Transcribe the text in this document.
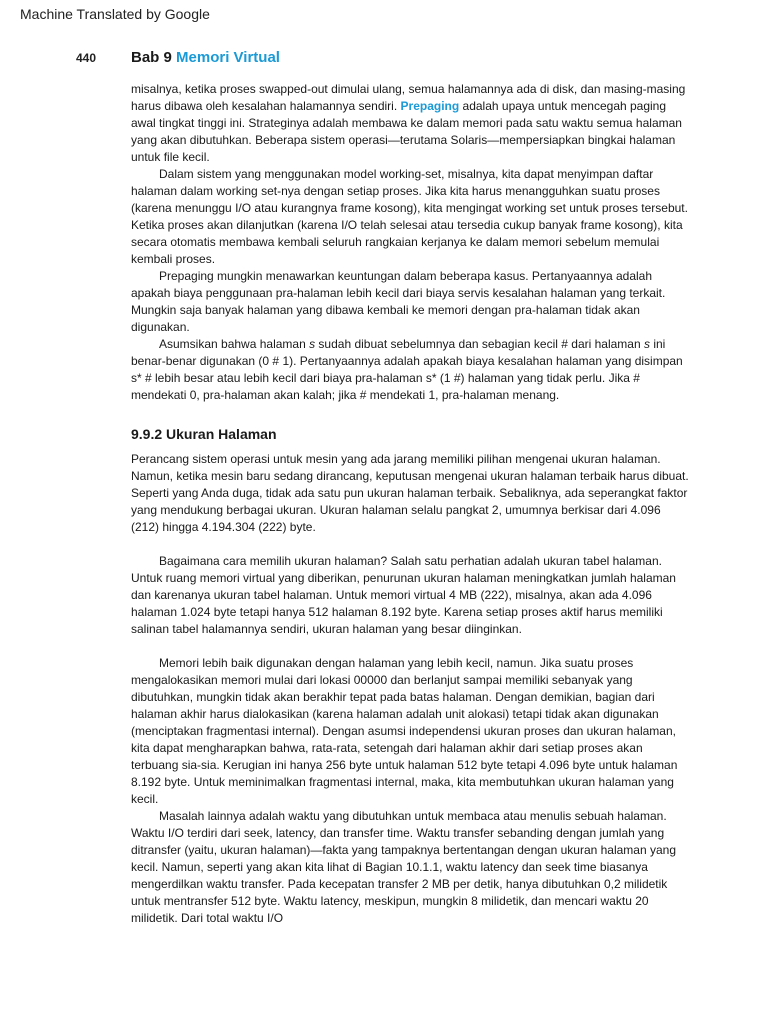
Machine Translated by Google
440 Bab 9 Memori Virtual

misalnya, ketika proses swapped-out dimulai ulang, semua halamannya ada di disk, dan masing-masing harus dibawa oleh kesalahan halamannya sendiri. Prepaging adalah upaya untuk mencegah paging awal tingkat tinggi ini. Strateginya adalah membawa ke dalam memori pada satu waktu semua halaman yang akan dibutuhkan. Beberapa sistem operasi—terutama Solaris—mempersiapkan bingkai halaman untuk file kecil.

Dalam sistem yang menggunakan model working-set, misalnya, kita dapat menyimpan daftar halaman dalam working set-nya dengan setiap proses. Jika kita harus menangguhkan suatu proses (karena menunggu I/O atau kurangnya frame kosong), kita mengingat working set untuk proses tersebut. Ketika proses akan dilanjutkan (karena I/O telah selesai atau tersedia cukup banyak frame kosong), kita secara otomatis membawa kembali seluruh rangkaian kerjanya ke dalam memori sebelum memulai kembali proses.

Prepaging mungkin menawarkan keuntungan dalam beberapa kasus. Pertanyaannya adalah apakah biaya penggunaan pra-halaman lebih kecil dari biaya servis kesalahan halaman yang terkait. Mungkin saja banyak halaman yang dibawa kembali ke memori dengan pra-halaman tidak akan digunakan.

Asumsikan bahwa halaman s sudah dibuat sebelumnya dan sebagian kecil # dari halaman s ini benar-benar digunakan (0 # 1). Pertanyaannya adalah apakah biaya kesalahan halaman yang disimpan s* # lebih besar atau lebih kecil dari biaya pra-halaman s* (1 #) halaman yang tidak perlu. Jika # mendekati 0, pra-halaman akan kalah; jika # mendekati 1, pra-halaman menang.

9.9.2 Ukuran Halaman

Perancang sistem operasi untuk mesin yang ada jarang memiliki pilihan mengenai ukuran halaman. Namun, ketika mesin baru sedang dirancang, keputusan mengenai ukuran halaman terbaik harus dibuat. Seperti yang Anda duga, tidak ada satu pun ukuran halaman terbaik. Sebaliknya, ada seperangkat faktor yang mendukung berbagai ukuran. Ukuran halaman selalu pangkat 2, umumnya berkisar dari 4.096 (212) hingga 4.194.304 (222) byte.

Bagaimana cara memilih ukuran halaman? Salah satu perhatian adalah ukuran tabel halaman. Untuk ruang memori virtual yang diberikan, penurunan ukuran halaman meningkatkan jumlah halaman dan karenanya ukuran tabel halaman. Untuk memori virtual 4 MB (222), misalnya, akan ada 4.096 halaman 1.024 byte tetapi hanya 512 halaman 8.192 byte. Karena setiap proses aktif harus memiliki salinan tabel halamannya sendiri, ukuran halaman yang besar diinginkan.

Memori lebih baik digunakan dengan halaman yang lebih kecil, namun. Jika suatu proses mengalokasikan memori mulai dari lokasi 00000 dan berlanjut sampai memiliki sebanyak yang dibutuhkan, mungkin tidak akan berakhir tepat pada batas halaman. Dengan demikian, bagian dari halaman akhir harus dialokasikan (karena halaman adalah unit alokasi) tetapi tidak akan digunakan (menciptakan fragmentasi internal). Dengan asumsi independensi ukuran proses dan ukuran halaman, kita dapat mengharapkan bahwa, rata-rata, setengah dari halaman akhir dari setiap proses akan terbuang sia-sia. Kerugian ini hanya 256 byte untuk halaman 512 byte tetapi 4.096 byte untuk halaman 8.192 byte. Untuk meminimalkan fragmentasi internal, maka, kita membutuhkan ukuran halaman yang kecil.

Masalah lainnya adalah waktu yang dibutuhkan untuk membaca atau menulis sebuah halaman. Waktu I/O terdiri dari seek, latency, dan transfer time. Waktu transfer sebanding dengan jumlah yang ditransfer (yaitu, ukuran halaman)—fakta yang tampaknya bertentangan dengan ukuran halaman yang kecil. Namun, seperti yang akan kita lihat di Bagian 10.1.1, waktu latency dan seek time biasanya mengerdilkan waktu transfer. Pada kecepatan transfer 2 MB per detik, hanya dibutuhkan 0,2 milidetik untuk mentransfer 512 byte. Waktu latency, meskipun, mungkin 8 milidetik, dan mencari waktu 20 milidetik. Dari total waktu I/O
